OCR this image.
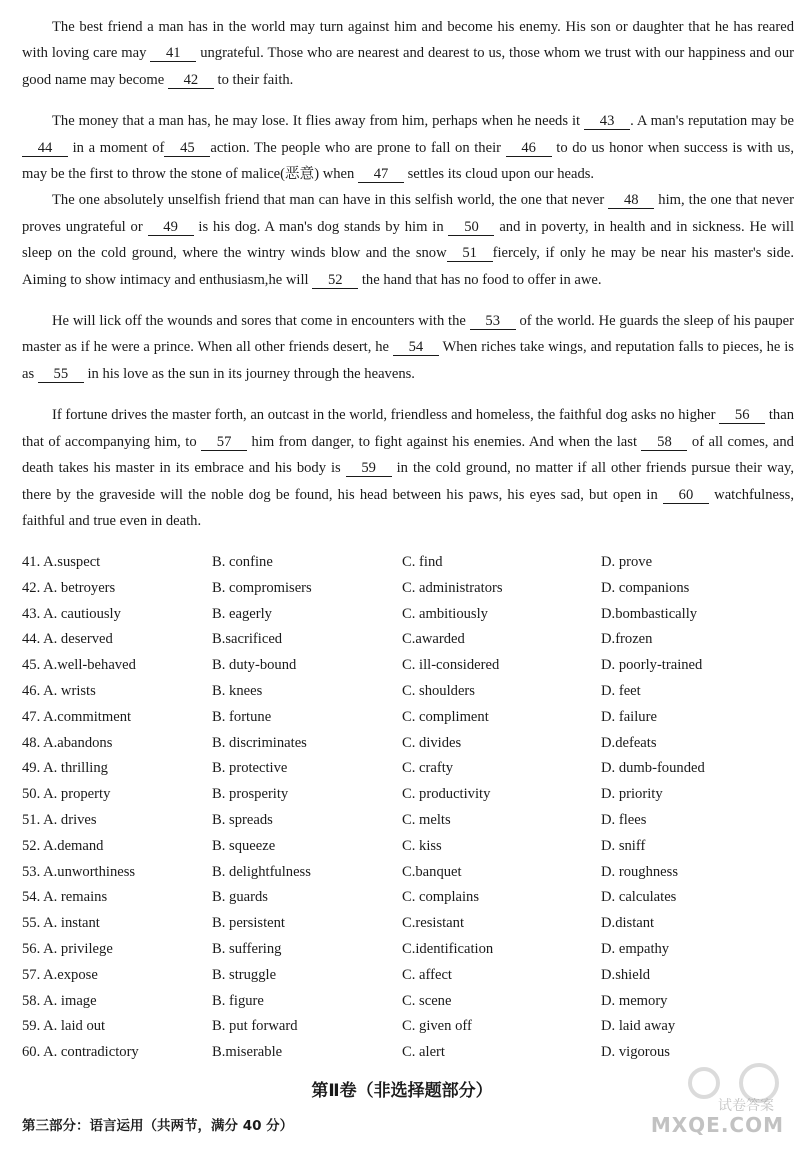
The best friend a man has in the world may turn against him and become his enemy. His son or daughter that he has reared with loving care may 41 ungrateful. Those who are nearest and dearest to us, those whom we trust with our happiness and our good name may become 42 to their faith.

The money that a man has, he may lose. It flies away from him, perhaps when he needs it 43 . A man's reputation may be 44 in a moment of 45 action. The people who are prone to fall on their 46 to do us honor when success is with us, may be the first to throw the stone of malice(恶意) when 47 settles its cloud upon our heads.

The one absolutely unselfish friend that man can have in this selfish world, the one that never 48 him, the one that never proves ungrateful or 49 is his dog. A man's dog stands by him in 50 and in poverty, in health and in sickness. He will sleep on the cold ground, where the wintry winds blow and the snow 51 fiercely, if only he may be near his master's side. Aiming to show intimacy and enthusiasm,he will 52 the hand that has no food to offer in awe.

He will lick off the wounds and sores that come in encounters with the 53 of the world. He guards the sleep of his pauper master as if he were a prince. When all other friends desert, he 54 When riches take wings, and reputation falls to pieces, he is as 55 in his love as the sun in its journey through the heavens.

If fortune drives the master forth, an outcast in the world, friendless and homeless, the faithful dog asks no higher 56 than that of accompanying him, to 57 him from danger, to fight against his enemies. And when the last 58 of all comes, and death takes his master in its embrace and his body is 59 in the cold ground, no matter if all other friends pursue their way, there by the graveside will the noble dog be found, his head between his paws, his eyes sad, but open in 60 watchfulness, faithful and true even in death.

41. A.suspect	B. confine	C. find	D. prove
42. A. betroyers	B. compromisers	C. administrators	D. companions
43. A. cautiously	B. eagerly	C. ambitiously	D.bombastically
44. A. deserved	B.sacrificed	C.awarded	D.frozen
45. A.well-behaved	B. duty-bound	C. ill-considered	D. poorly-trained
46. A. wrists	B. knees	C. shoulders	D. feet
47. A.commitment	B. fortune	C. compliment	D. failure
48. A.abandons	B. discriminates	C. divides	D.defeats
49. A. thrilling	B. protective	C. crafty	D. dumb-founded
50. A. property	B. prosperity	C. productivity	D. priority
51. A. drives	B. spreads	C. melts	D. flees
52. A.demand	B. squeeze	C. kiss	D. sniff
53. A.unworthiness	B. delightfulness	C.banquet	D. roughness
54. A. remains	B. guards	C. complains	D. calculates
55. A. instant	B. persistent	C.resistant	D.distant
56. A. privilege	B. suffering	C.identification	D. empathy
57. A.expose	B. struggle	C. affect	D.shield
58. A. image	B. figure	C. scene	D. memory
59. A. laid out	B. put forward	C. given off	D. laid away
60. A. contradictory	B.miserable	C. alert	D. vigorous
第Ⅱ卷（非选择题部分）
第三部分：语言运用（共两节，满分 40 分）
试卷答案
MXQE.COM
